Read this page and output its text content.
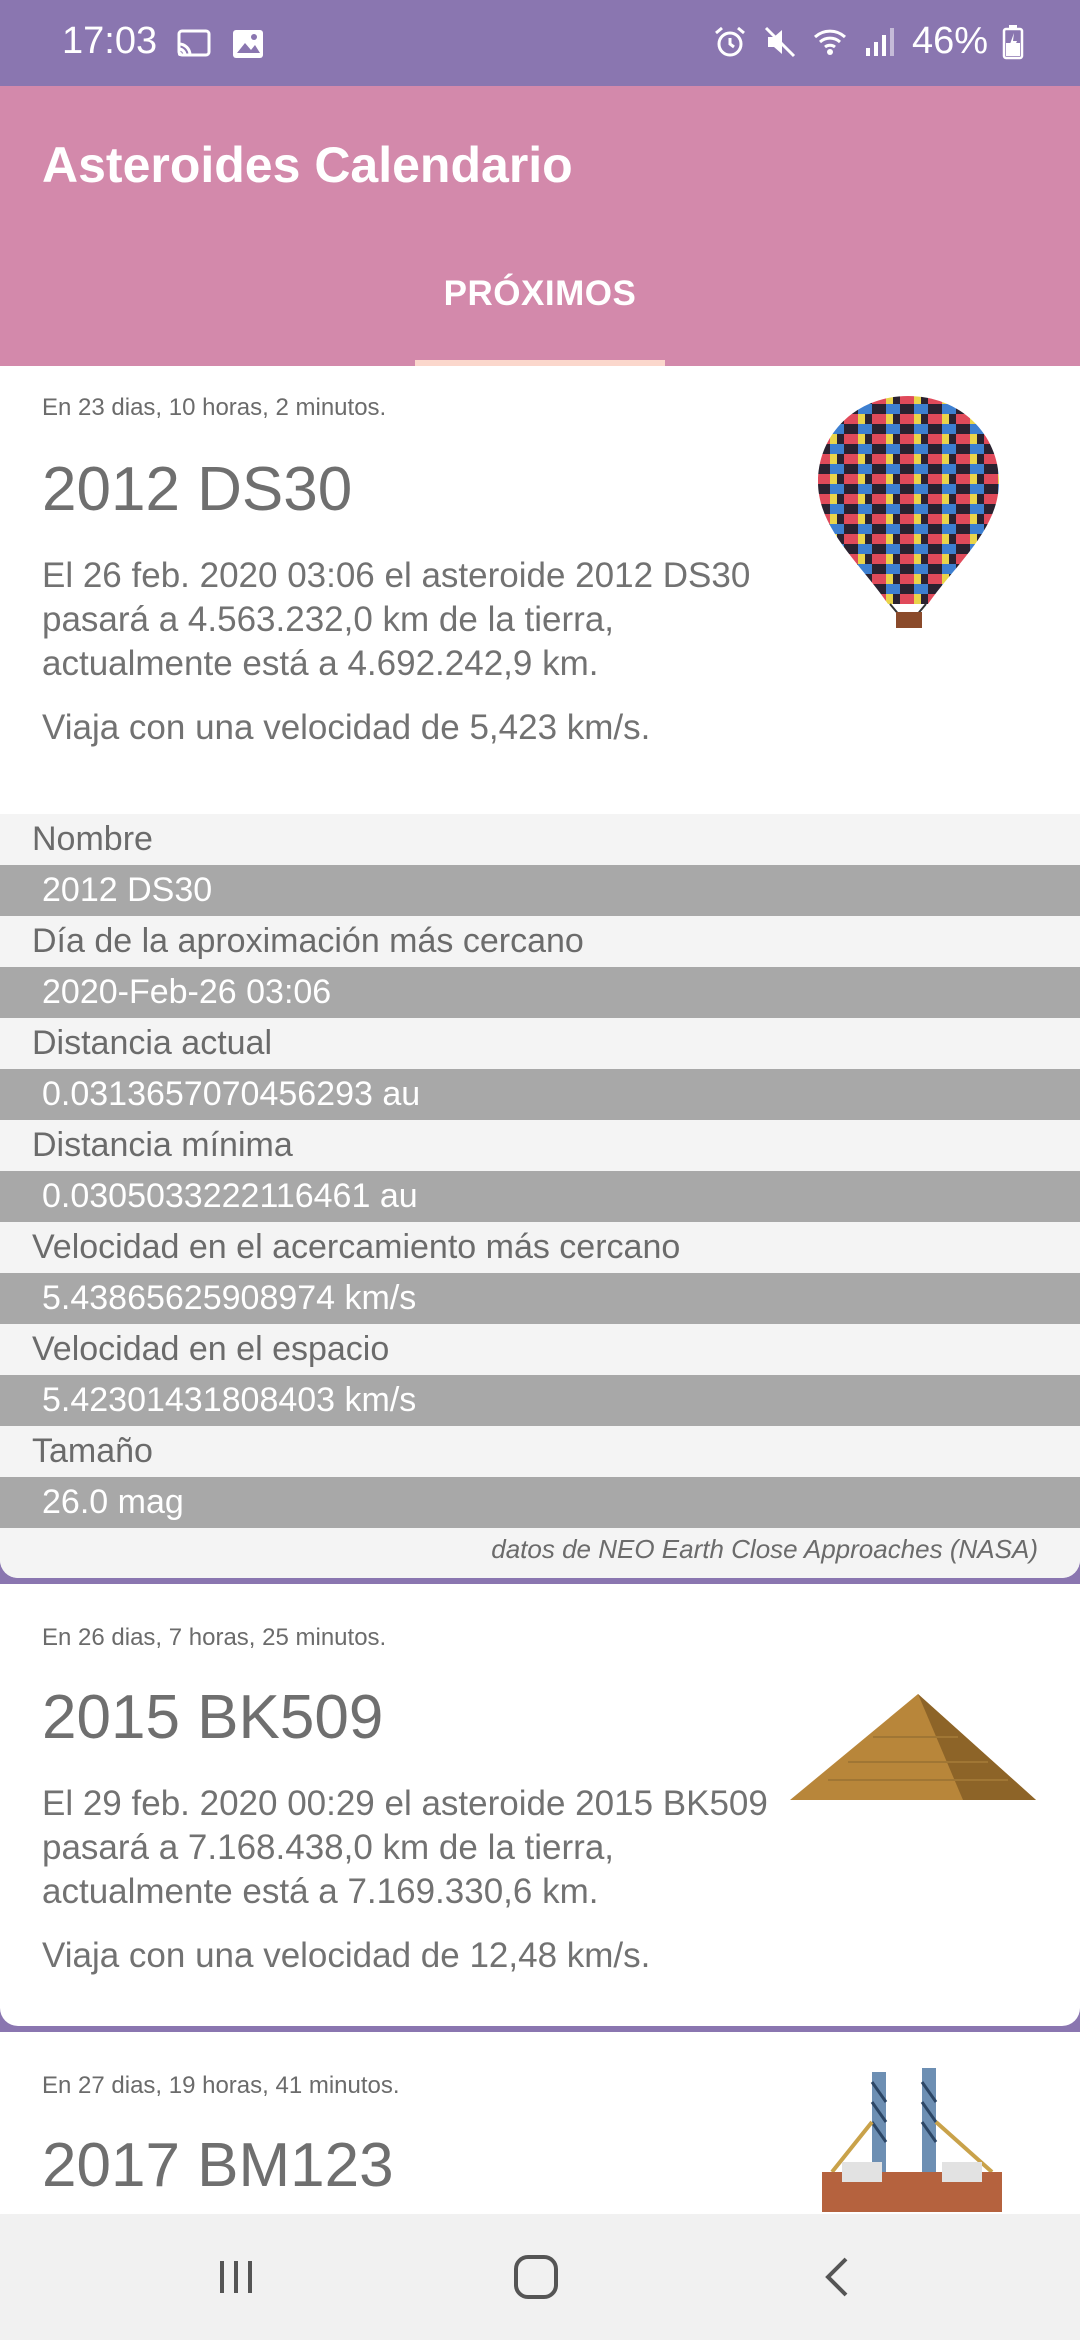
17:03	46%
Asteroides Calendario
PRÓXIMOS
En 23 dias, 10 horas, 2 minutos.
2012 DS30
El 26 feb. 2020 03:06 el asteroide 2012 DS30 pasará a 4.563.232,0 km de la tierra, actualmente está a 4.692.242,9 km.
Viaja con una velocidad de 5,423 km/s.
Nombre
2012 DS30
Día de la aproximación más cercano
2020-Feb-26 03:06
Distancia actual
0.0313657070456293 au
Distancia mínima
0.0305033222116461 au
Velocidad en el acercamiento más cercano
5.43865625908974 km/s
Velocidad en el espacio
5.42301431808403 km/s
Tamaño
26.0 mag
datos de NEO Earth Close Approaches (NASA)
En 26 dias, 7 horas, 25 minutos.
2015 BK509
El 29 feb. 2020 00:29 el asteroide 2015 BK509 pasará a 7.168.438,0 km de la tierra, actualmente está a 7.169.330,6 km.
Viaja con una velocidad de 12,48 km/s.
En 27 dias, 19 horas, 41 minutos.
2017 BM123
